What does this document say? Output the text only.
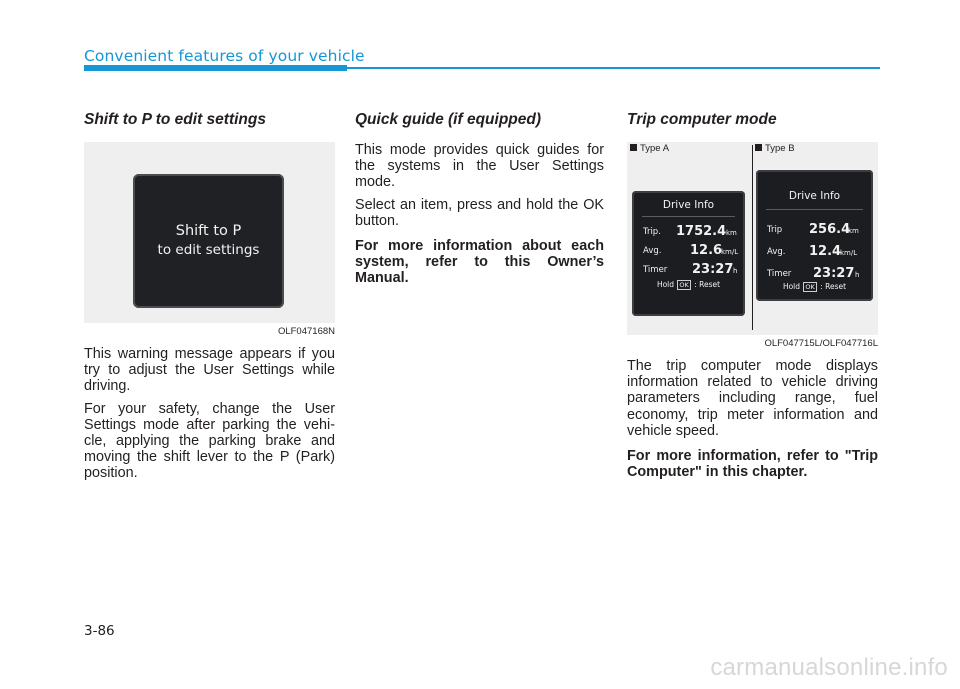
Convenient features of your vehicle
Shift to P to edit settings
Shift to P
to edit settings
OLF047168N

This warning message appears if you try to adjust the User Settings while driving.

For your safety, change the User Settings mode after parking the vehi-cle, applying the parking brake and moving the shift lever to the P (Park) position.

Quick guide (if equipped)

This mode provides quick guides for the systems in the User Settings mode.

Select an item, press and hold the OK button.

For more information about each system, refer to this Owner’s Manual.

Trip computer mode
Type A	Type B
Drive Info
Trip. 1752.4 km
Avg. 12.6
km/L
Timer 23:27 h
Hold OK : Reset
Drive Info
Trip 256.4
km
Avg. 12.4
km/L
Timer 23:27 h
Hold OK : Reset
OLF047715L/OLF047716L

The trip computer mode displays information related to vehicle driving parameters including range, fuel economy, trip meter information and vehicle speed.

For more information, refer to "Trip Computer" in this chapter.

3-86
carmanualsonline.info
